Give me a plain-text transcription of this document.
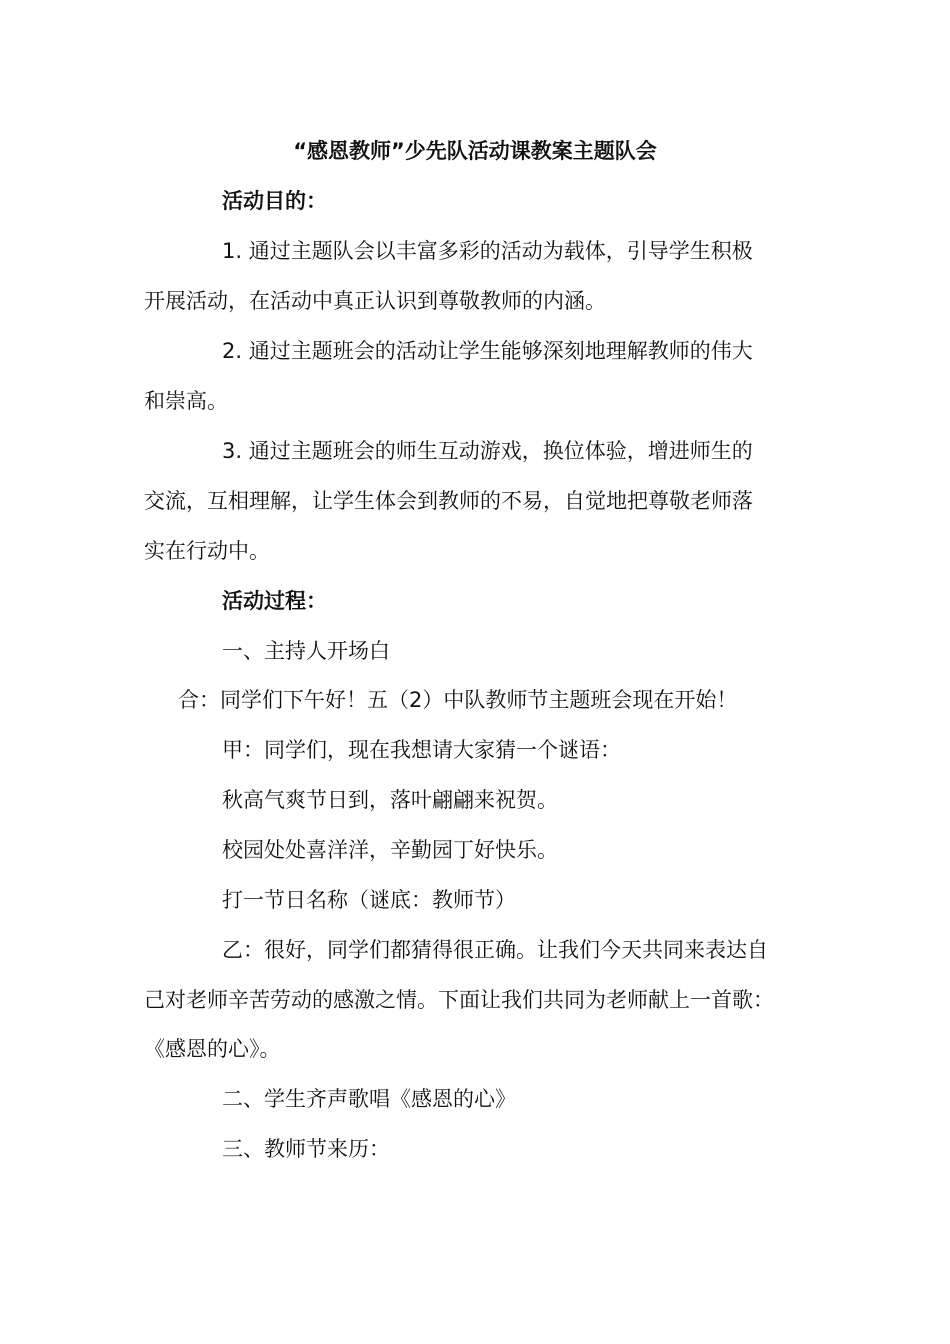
“感恩教师”少先队活动课教案主题队会
活动目的：
1. 通过主题队会以丰富多彩的活动为载体，引导学生积极
开展活动，在活动中真正认识到尊敬教师的内涵。
2. 通过主题班会的活动让学生能够深刻地理解教师的伟大
和崇高。
3. 通过主题班会的师生互动游戏，换位体验，增进师生的
交流，互相理解，让学生体会到教师的不易，自觉地把尊敬老师落
实在行动中。
活动过程：
一、主持人开场白
合：同学们下午好！五（2）中队教师节主题班会现在开始！
甲：同学们，现在我想请大家猜一个谜语：
秋高气爽节日到，落叶翩翩来祝贺。
校园处处喜洋洋，辛勤园丁好快乐。
打一节日名称（谜底：教师节）
乙：很好，同学们都猜得很正确。让我们今天共同来表达自
己对老师辛苦劳动的感激之情。下面让我们共同为老师献上一首歌：
《感恩的心》。
二、学生齐声歌唱《感恩的心》
三、教师节来历：
